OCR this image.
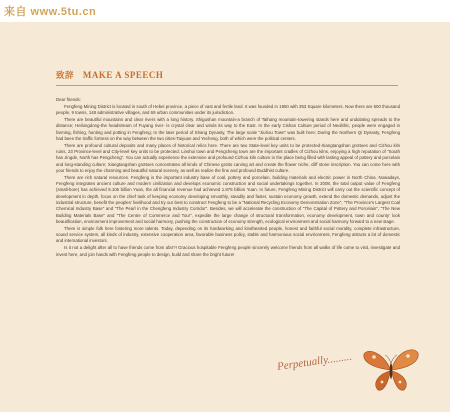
来自 www.5tu.cn
致辞 MAKE A SPEECH

Dear friends:

Fengfeng Mining District is located in south of Hebei province, a piece of vast and fertile land. It was founded in 1950 with 353 Square kilometers. Now there are 500 thousand people, 9 towns, 148 administrative villages, and 69 urban communities under its jurisdiction.

There are beautiful mountains and clear rivers with a long history. Shigushan mountain-a branch of Taihang mountain-towering stands here and undulating spreads to the distance; Heilongdong-the headstream of Fuyang river- is crystal clear and winds its way to the East. In the early Cishan Culture period of Neolithic, people were engaged in farming, fishing, hunting and potting in Fengfeng; In the later period of Shang Dynasty, The large scale "Jiuhou Town" was built here; During the Northern Qi Dynasty, Fengfeng had been the traffic fortress on the way between the two cities-Taiyuan and Yecheng, both of which were the political centers.

There are profound cultural deposits and many places of historical relics here. There are two State-level key units to be protected-Xiangtangshan grottoes and Cizhou kiln ruins, 23 Province-level and City-level key units to be protected. Linshui town and Pengcheng town are the important cradles of Cizhou kilns, enjoying a high reputation of "South has Jingde, North has Pengcheng". You can actually experience the extensive and profound Cizhou kiln culture in the place being filled with lasting appeal of pottery and porcelain and long-standing culture; Xiangtangshan grottoes concentrates all kinds of Chinese grotto carving art and create the flower niche, cliff stone inscription. You can come here with your friends to enjoy the charming and beautiful natural scenery, as well as realize the fine and profound Buddhist culture.

There are rich natural resources. Fengfeng is the important industry base of coal, pottery and porcelain, building materials and electric power in North China. Nowadays, Fengfeng integrates ancient culture and modern civilization and develops economic construction and social undertakings together. In 2008, the total output value of Fengfeng (small-bore) has achieved 8.106 billion Yuan, the all financial revenue had achieved 1.875 billion Yuan. In future, Fengfeng Mining District will carry out the scientific concept of development in depth, focus on the chief task of keeping economy developing smoothly, steadily and faster, sustain economy growth, extend the domestic demands, adjust the industrial structure, benefit the peoples' livelihood and try our best to construct Fengfeng to be a "National Recycling Economy Demonstration Zone", "The Province's Largest Coal Chemical Industry Base" and "The Pearl in the Chengfeng Industry Corridor". Besides, we will accelerate the construction of "The Capital of Pottery and Porcelain", "The New Building Materials Base" and "The Centre of Commerce and Tour", expedite the large change of structural transformation, economy development, town and county' look beautification, environment improvement and social harmony, pushing the construction of economy strength, ecological environment and social harmony forward to a new stage.

There is simple folk here fostering more talents. Today, depending on its hardworking and kindhearted people, honest and faithful social morality, complete infrastructure, sound service system, all kinds of industry, extensive cooperation area, favorable business policy, stable and harmonious social environment, Fengfeng attracts a lot of domestic and international investors.

Is it not a delight after all to have friends come from afar?! Gracious hospitable Fengfeng people sincerely welcome friends from all walks of life come to visit, investigate and invest here, and join hands with Fengfeng people to design, build and share the bright future!

Perpetually.........
